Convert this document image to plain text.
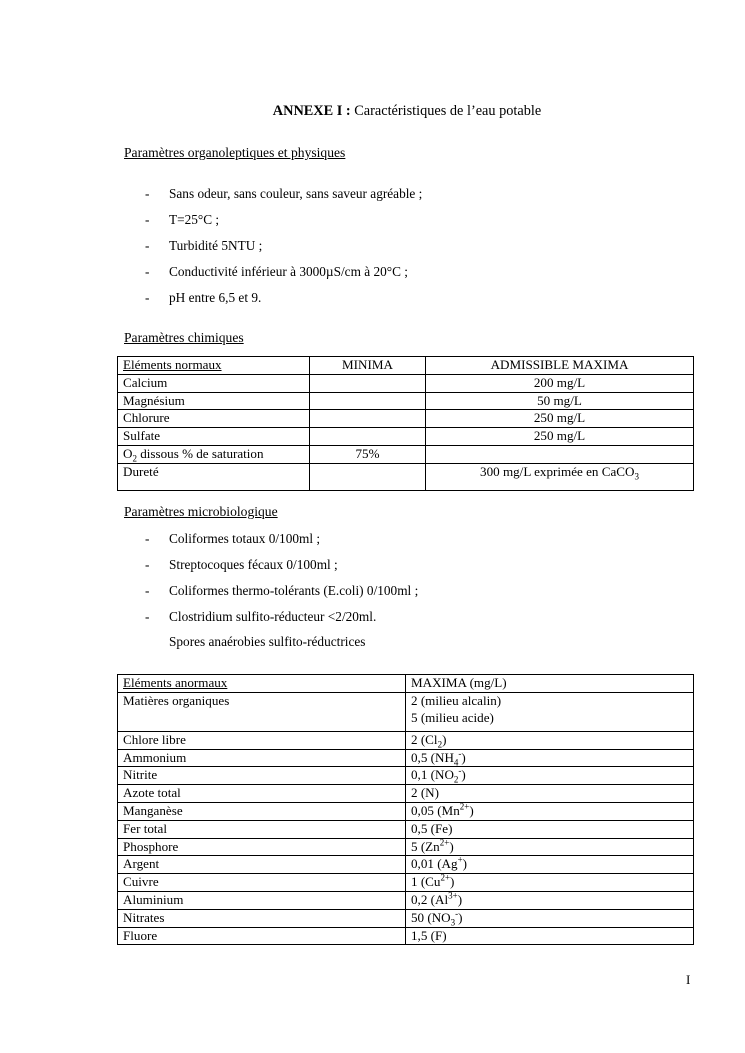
ANNEXE I : Caractéristiques de l’eau potable
Paramètres organoleptiques et physiques
- Sans odeur, sans couleur, sans saveur agréable ;
- T=25°C ;
- Turbidité 5NTU ;
- Conductivité inférieur à 3000µS/cm à 20°C ;
- pH entre 6,5 et 9.
Paramètres chimiques
Eléments normaux	MINIMA	ADMISSIBLE MAXIMA
Calcium		200 mg/L
Magnésium		50 mg/L
Chlorure		250 mg/L
Sulfate		250 mg/L
$O_2$ dissous % de saturation	75%	
Dureté		300 mg/L exprimée en CaCO$_3$
Paramètres microbiologique
- Coliformes totaux 0/100ml ;
- Streptocoques fécaux 0/100ml ;
- Coliformes thermo-tolérants (E.coli) 0/100ml ;
- Clostridium sulfito-réducteur <2/20ml.
Spores anaérobies sulfito-réductrices
Eléments anormaux	MAXIMA (mg/L)
Matières organiques	2 (milieu alcalin)
5 (milieu acide)

Chlore libre	2 $(Cl_2)$
Ammonium	0,5 $(NH_4^-)$
Nitrite	0,1 $(NO_2^-)$
Azote total	2 (N)
Manganèse	0,05 $(Mn^{2+})$
Fer total	0,5 (Fe)
Phosphore	5 $(Zn^{2+})$
Argent	0,01 (Ag+)
Cuivre	1 $(Cu^{2+})$
Aluminium	0,2 $(Al^{3+})$
Nitrates	50 $(NO_3^-)$
Fluore	1,5 (F)
I
